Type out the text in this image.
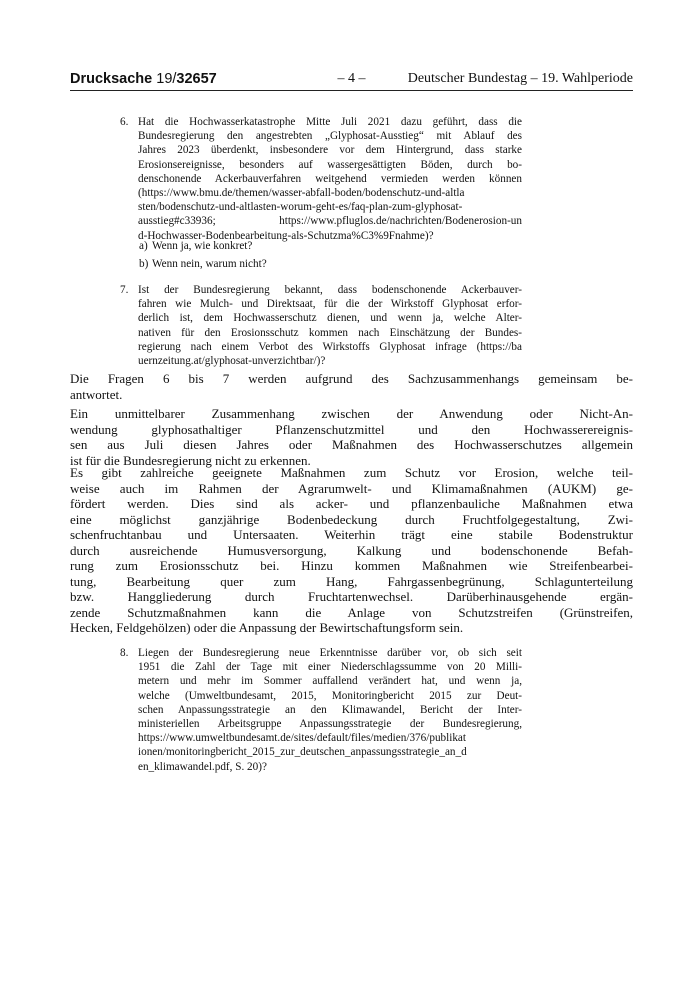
Drucksache 19/32657	– 4 –	Deutscher Bundestag – 19. Wahlperiode
6. Hat die Hochwasserkatastrophe Mitte Juli 2021 dazu geführt, dass die
Bundesregierung den angestrebten „Glyphosat-Ausstieg“ mit Ablauf des
Jahres 2023 überdenkt, insbesondere vor dem Hintergrund, dass starke
Erosionsereignisse, besonders auf wassergesättigten Böden, durch bo-
denschonende Ackerbauverfahren weitgehend vermieden werden können
(https://www.bmu.de/themen/wasser-abfall-boden/bodenschutz-und-altla
sten/bodenschutz-und-altlasten-worum-geht-es/faq-plan-zum-glyphosat-
ausstieg#c33936; https://www.pfluglos.de/nachrichten/Bodenerosion-un
d-Hochwasser-Bodenbearbeitung-als-Schutzma%C3%9Fnahme)?
a) Wenn ja, wie konkret?
b) Wenn nein, warum nicht?
7. Ist der Bundesregierung bekannt, dass bodenschonende Ackerbauver-
fahren wie Mulch- und Direktsaat, für die der Wirkstoff Glyphosat erfor-
derlich ist, dem Hochwasserschutz dienen, und wenn ja, welche Alter-
nativen für den Erosionsschutz kommen nach Einschätzung der Bundes-
regierung nach einem Verbot des Wirkstoffs Glyphosat infrage (https://ba
uernzeitung.at/glyphosat-unverzichtbar/)?
Die Fragen 6 bis 7 werden aufgrund des Sachzusammenhangs gemeinsam be-
antwortet.
Ein unmittelbarer Zusammenhang zwischen der Anwendung oder Nicht-An-
wendung glyphosathaltiger Pflanzenschutzmittel und den Hochwasserereignis-
sen aus Juli diesen Jahres oder Maßnahmen des Hochwasserschutzes allgemein
ist für die Bundesregierung nicht zu erkennen.
Es gibt zahlreiche geeignete Maßnahmen zum Schutz vor Erosion, welche teil-
weise auch im Rahmen der Agrarumwelt- und Klimamaßnahmen (AUKM) ge-
fördert werden. Dies sind als acker- und pflanzenbauliche Maßnahmen etwa
eine möglichst ganzjährige Bodenbedeckung durch Fruchtfolgegestaltung, Zwi-
schenfruchtanbau und Untersaaten. Weiterhin trägt eine stabile Bodenstruktur
durch ausreichende Humusversorgung, Kalkung und bodenschonende Befah-
rung zum Erosionsschutz bei. Hinzu kommen Maßnahmen wie Streifenbearbei-
tung, Bearbeitung quer zum Hang, Fahrgassenbegrünung, Schlagunterteilung
bzw. Hanggliederung durch Fruchtartenwechsel. Darüberhinausgehende ergän-
zende Schutzmaßnahmen kann die Anlage von Schutzstreifen (Grünstreifen,
Hecken, Feldgehölzen) oder die Anpassung der Bewirtschaftungsform sein.
8. Liegen der Bundesregierung neue Erkenntnisse darüber vor, ob sich seit
1951 die Zahl der Tage mit einer Niederschlagssumme von 20 Milli-
metern und mehr im Sommer auffallend verändert hat, und wenn ja,
welche (Umweltbundesamt, 2015, Monitoringbericht 2015 zur Deut-
schen Anpassungsstrategie an den Klimawandel, Bericht der Inter-
ministeriellen Arbeitsgruppe Anpassungsstrategie der Bundesregierung,
https://www.umweltbundesamt.de/sites/default/files/medien/376/publikat
ionen/monitoringbericht_2015_zur_deutschen_anpassungsstrategie_an_d
en_klimawandel.pdf, S. 20)?
